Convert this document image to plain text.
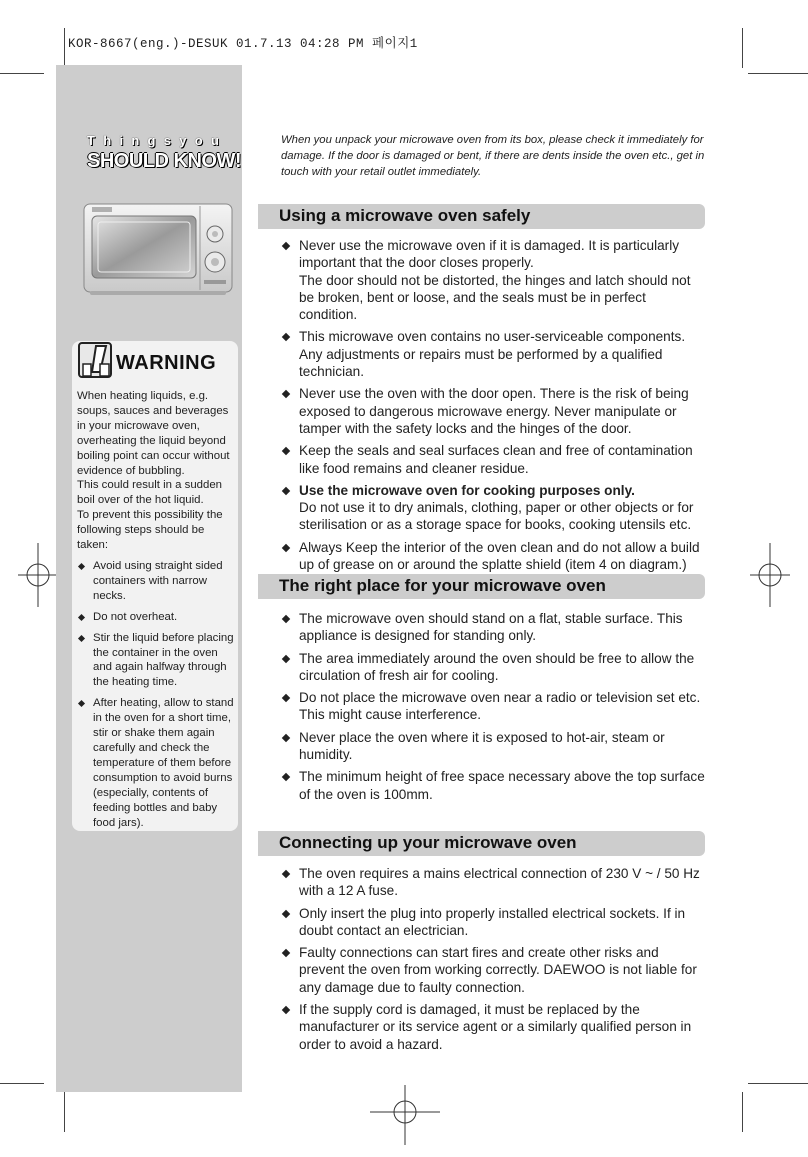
KOR-8667(eng.)-DESUK 01.7.13 04:28 PM 페이지1
T h i n g s y o u
SHOULD KNOW!
WARNING

When heating liquids, e.g. soups, sauces and beverages in your microwave oven, overheating the liquid beyond boiling point can occur without evidence of bubbling.

This could result in a sudden boil over of the hot liquid.

To prevent this possibility the following steps should be taken:

Avoid using straight sided containers with narrow necks.
Do not overheat.
Stir the liquid before placing the container in the oven and again halfway through the heating time.
After heating, allow to stand in the oven for a short time, stir or shake them again carefully and check the temperature of them before consumption to avoid burns (especially, contents of feeding bottles and baby food jars).
When you unpack your microwave oven from its box, please check it immediately for damage. If the door is damaged or bent, if there are dents inside the oven etc., get in touch with your retail outlet immediately.
Using a microwave oven safely

Never use the microwave oven if it is damaged. It is particularly important that the door closes properly.

The door should not be distorted, the hinges and latch should not be broken, bent or loose, and the seals must be in perfect condition.

This microwave oven contains no user-serviceable components. Any adjustments or repairs must be performed by a qualified technician.

Never use the oven with the door open. There is the risk of being exposed to dangerous microwave energy. Never manipulate or tamper with the safety locks and the hinges of the door.

Keep the seals and seal surfaces clean and free of contamination like food remains and cleaner residue.

Use the microwave oven for cooking purposes only.

Do not use it to dry animals, clothing, paper or other objects or for sterilisation or as a storage space for books, cooking utensils etc.

Always Keep the interior of the oven clean and do not allow a build up of grease on or around the splatte shield (item 4 on diagram.)

The right place for your microwave oven
The microwave oven should stand on a flat, stable surface. This appliance is designed for standing only.
The area immediately around the oven should be free to allow the circulation of fresh air for cooling.
Do not place the microwave oven near a radio or television set etc. This might cause interference.
Never place the oven where it is exposed to hot-air, steam or humidity.
The minimum height of free space necessary above the top surface of the oven is 100mm.
Connecting up your microwave oven
The oven requires a mains electrical connection of 230 V ~ / 50 Hz with a 12 A fuse.
Only insert the plug into properly installed electrical sockets. If in doubt contact an electrician.
Faulty connections can start fires and create other risks and prevent the oven from working correctly. DAEWOO is not liable for any damage due to faulty connection.
If the supply cord is damaged, it must be replaced by the manufacturer or its service agent or a similarly qualified person in order to avoid a hazard.
